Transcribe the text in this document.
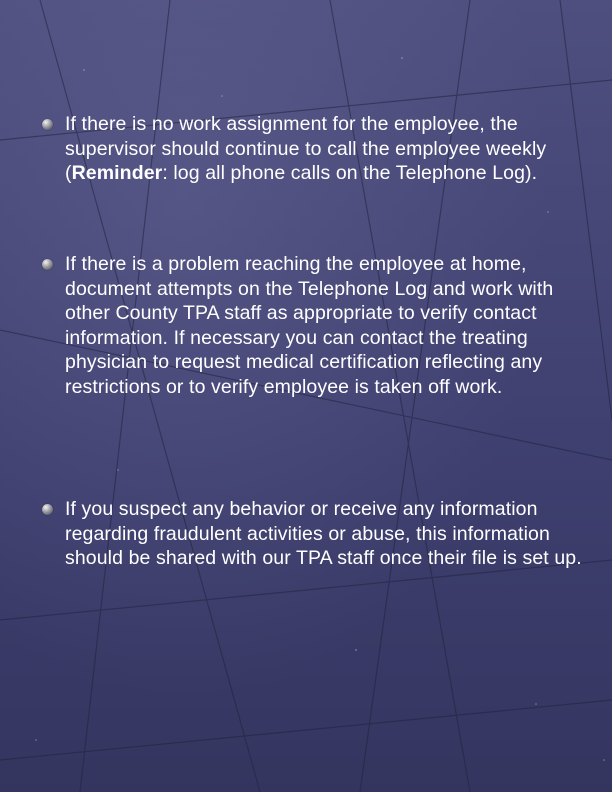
If there is no work assignment for the employee, the supervisor should continue to call the employee weekly (Reminder: log all phone calls on the Telephone Log).
If there is a problem reaching the employee at home, document attempts on the Telephone Log and work with other County TPA staff as appropriate to verify contact information. If necessary you can contact the treating physician to request medical certification reflecting any restrictions or to verify employee is taken off work.
If you suspect any behavior or receive any information regarding fraudulent activities or abuse, this information should be shared with our TPA staff once their file is set up.
